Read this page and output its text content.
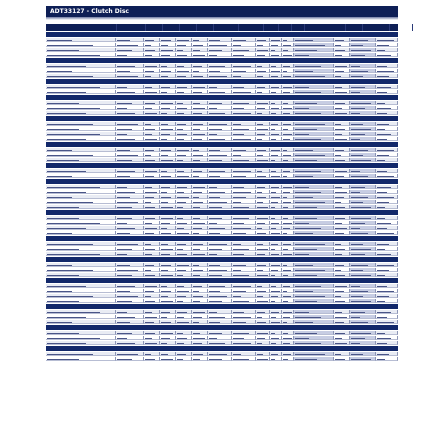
ADT33127 - Clutch Disc
